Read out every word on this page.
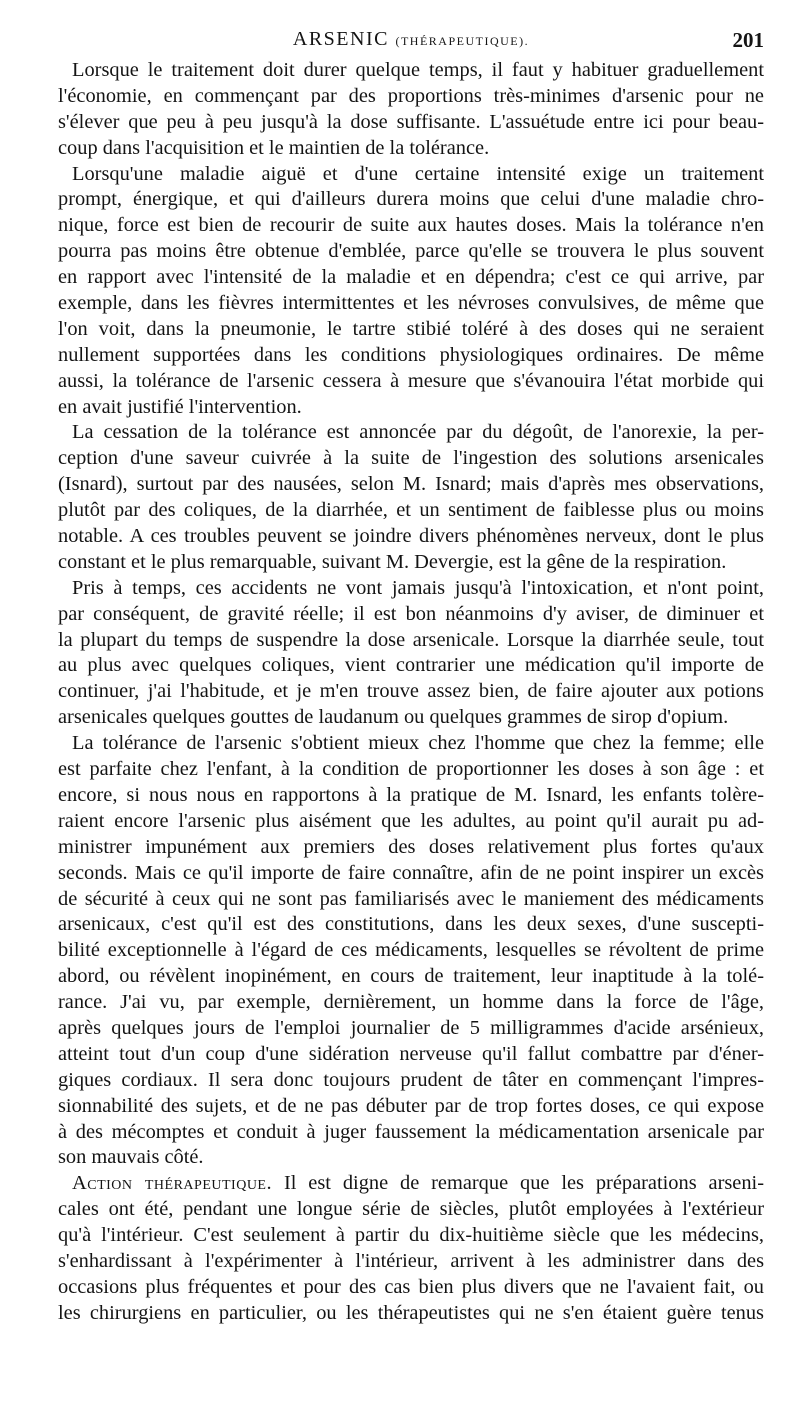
ARSENIC (THÉRAPEUTIQUE).	201

Lorsque le traitement doit durer quelque temps, il faut y habituer graduellement
l'économie, en commençant par des proportions très-minimes d'arsenic pour ne
s'élever que peu à peu jusqu'à la dose suffisante. L'assuétude entre ici pour beau-
coup dans l'acquisition et le maintien de la tolérance.

Lorsqu'une maladie aiguë et d'une certaine intensité exige un traitement
prompt, énergique, et qui d'ailleurs durera moins que celui d'une maladie chro-
nique, force est bien de recourir de suite aux hautes doses. Mais la tolérance n'en
pourra pas moins être obtenue d'emblée, parce qu'elle se trouvera le plus souvent
en rapport avec l'intensité de la maladie et en dépendra; c'est ce qui arrive, par
exemple, dans les fièvres intermittentes et les névroses convulsives, de même que
l'on voit, dans la pneumonie, le tartre stibié toléré à des doses qui ne seraient
nullement supportées dans les conditions physiologiques ordinaires. De même
aussi, la tolérance de l'arsenic cessera à mesure que s'évanouira l'état morbide qui
en avait justifié l'intervention.

La cessation de la tolérance est annoncée par du dégoût, de l'anorexie, la per-
ception d'une saveur cuivrée à la suite de l'ingestion des solutions arsenicales
(Isnard), surtout par des nausées, selon M. Isnard; mais d'après mes observations,
plutôt par des coliques, de la diarrhée, et un sentiment de faiblesse plus ou moins
notable. A ces troubles peuvent se joindre divers phénomènes nerveux, dont le plus
constant et le plus remarquable, suivant M. Devergie, est la gêne de la respiration.

Pris à temps, ces accidents ne vont jamais jusqu'à l'intoxication, et n'ont point,
par conséquent, de gravité réelle; il est bon néanmoins d'y aviser, de diminuer et
la plupart du temps de suspendre la dose arsenicale. Lorsque la diarrhée seule, tout
au plus avec quelques coliques, vient contrarier une médication qu'il importe de
continuer, j'ai l'habitude, et je m'en trouve assez bien, de faire ajouter aux potions
arsenicales quelques gouttes de laudanum ou quelques grammes de sirop d'opium.

La tolérance de l'arsenic s'obtient mieux chez l'homme que chez la femme; elle
est parfaite chez l'enfant, à la condition de proportionner les doses à son âge : et
encore, si nous nous en rapportons à la pratique de M. Isnard, les enfants tolère-
raient encore l'arsenic plus aisément que les adultes, au point qu'il aurait pu ad-
ministrer impunément aux premiers des doses relativement plus fortes qu'aux
seconds. Mais ce qu'il importe de faire connaître, afin de ne point inspirer un excès
de sécurité à ceux qui ne sont pas familiarisés avec le maniement des médicaments
arsenicaux, c'est qu'il est des constitutions, dans les deux sexes, d'une suscepti-
bilité exceptionnelle à l'égard de ces médicaments, lesquelles se révoltent de prime
abord, ou révèlent inopinément, en cours de traitement, leur inaptitude à la tolé-
rance. J'ai vu, par exemple, dernièrement, un homme dans la force de l'âge,
après quelques jours de l'emploi journalier de 5 milligrammes d'acide arsénieux,
atteint tout d'un coup d'une sidération nerveuse qu'il fallut combattre par d'éner-
giques cordiaux. Il sera donc toujours prudent de tâter en commençant l'impres-
sionnabilité des sujets, et de ne pas débuter par de trop fortes doses, ce qui expose
à des mécomptes et conduit à juger faussement la médicamentation arsenicale par
son mauvais côté.

Action thérapeutique. Il est digne de remarque que les préparations arseni-
cales ont été, pendant une longue série de siècles, plutôt employées à l'extérieur
qu'à l'intérieur. C'est seulement à partir du dix-huitième siècle que les médecins,
s'enhardissant à l'expérimenter à l'intérieur, arrivent à les administrer dans des
occasions plus fréquentes et pour des cas bien plus divers que ne l'avaient fait, ou
les chirurgiens en particulier, ou les thérapeutistes qui ne s'en étaient guère tenus
